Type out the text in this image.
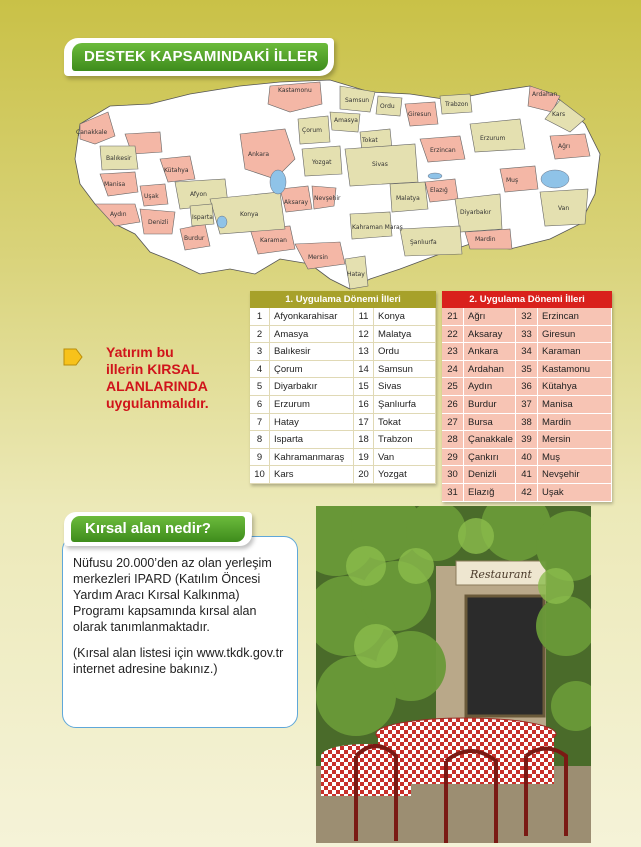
DESTEK KAPSAMINDAKİ İLLER
Kastamonu
Samsun
Trabzon
Ardahan
Giresun
Ordu
Kars
Çanakkale
Amasya
Çorum
Tokat	Erzurum
Ağrı
Balıkesir
Kütahya
Ankara
Yozgat	Sivas
Erzincan
Manisa
Uşak	Afyon
Aksaray
Nevşehir	Malatya
Elazığ
Muş
Van
Aydın
Denizli
Isparta
Burdur
Konya	Diyarbakır
Mardin
Karaman
Kahraman Maraş
Şanlıurfa
Mersin
Hatay
Yatırım bu
illerin KIRSAL
ALANLARINDA
uygulanmalıdır.
1. Uygulama Dönemi İlleri
1	Afyonkarahisar	11	Konya
2	Amasya	12 Malatya
3	Balıkesir	13 Ordu
4	Çorum	14 Samsun
5	Diyarbakır	15 Sivas
6	Erzurum	16 Şanlıurfa
7	Hatay	17 Tokat
8	Isparta	18 Trabzon
9	Kahramanmaraş	19 Van
10 Kars	20 Yozgat
2. Uygulama Dönemi İlleri
21	Ağrı	32	Erzincan
22	Aksaray	33	Giresun
23	Ankara	34	Karaman
24	Ardahan	35	Kastamonu
25	Aydın	36	Kütahya
26	Burdur	37	Manisa
27	Bursa	38	Mardin
28	Çanakkale 39	Mersin
29	Çankırı	40	Muş
30	Denizli	41	Nevşehir
31	Elazığ	42	Uşak

Nüfusu 20.000’den az olan yerleşim merkezleri IPARD (Katılım Öncesi Yardım Aracı Kırsal Kalkınma) Programı kapsamında kırsal alan olarak tanımlanmaktadır.

(Kırsal alan listesi için www.tkdk.gov.tr internet adresine bakınız.)

Kırsal alan nedir?
Restaurant
